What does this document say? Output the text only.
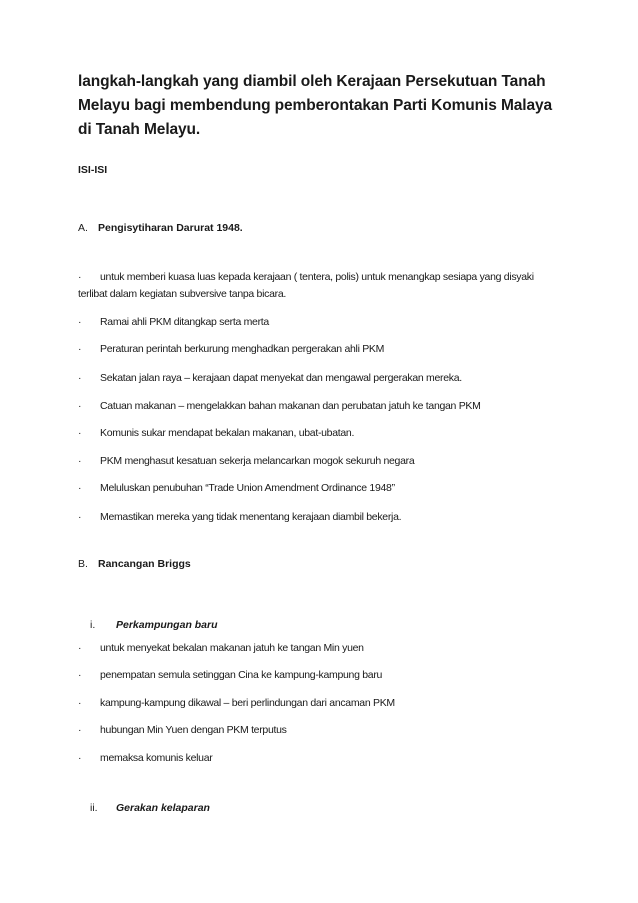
langkah-langkah yang diambil oleh Kerajaan Persekutuan Tanah Melayu bagi membendung pemberontakan Parti Komunis Malaya di Tanah Melayu.
ISI-ISI
A. Pengisytiharan Darurat 1948.
· untuk memberi kuasa luas kepada kerajaan ( tentera, polis) untuk menangkap sesiapa yang disyaki terlibat dalam kegiatan subversive tanpa bicara.
· Ramai ahli PKM ditangkap serta merta
· Peraturan perintah berkurung menghadkan pergerakan ahli PKM
· Sekatan jalan raya – kerajaan dapat menyekat dan mengawal pergerakan mereka.
· Catuan makanan – mengelakkan bahan makanan dan perubatan jatuh ke tangan PKM
· Komunis sukar mendapat bekalan makanan, ubat-ubatan.
· PKM menghasut kesatuan sekerja melancarkan mogok sekuruh negara
· Meluluskan penubuhan “Trade Union Amendment Ordinance 1948”
· Memastikan mereka yang tidak menentang kerajaan diambil bekerja.
B. Rancangan Briggs
i. Perkampungan baru
· untuk menyekat bekalan makanan jatuh ke tangan Min yuen
· penempatan semula setinggan Cina ke kampung-kampung baru
· kampung-kampung dikawal – beri perlindungan dari ancaman PKM
· hubungan Min Yuen dengan PKM terputus
· memaksa komunis keluar
ii. Gerakan kelaparan
